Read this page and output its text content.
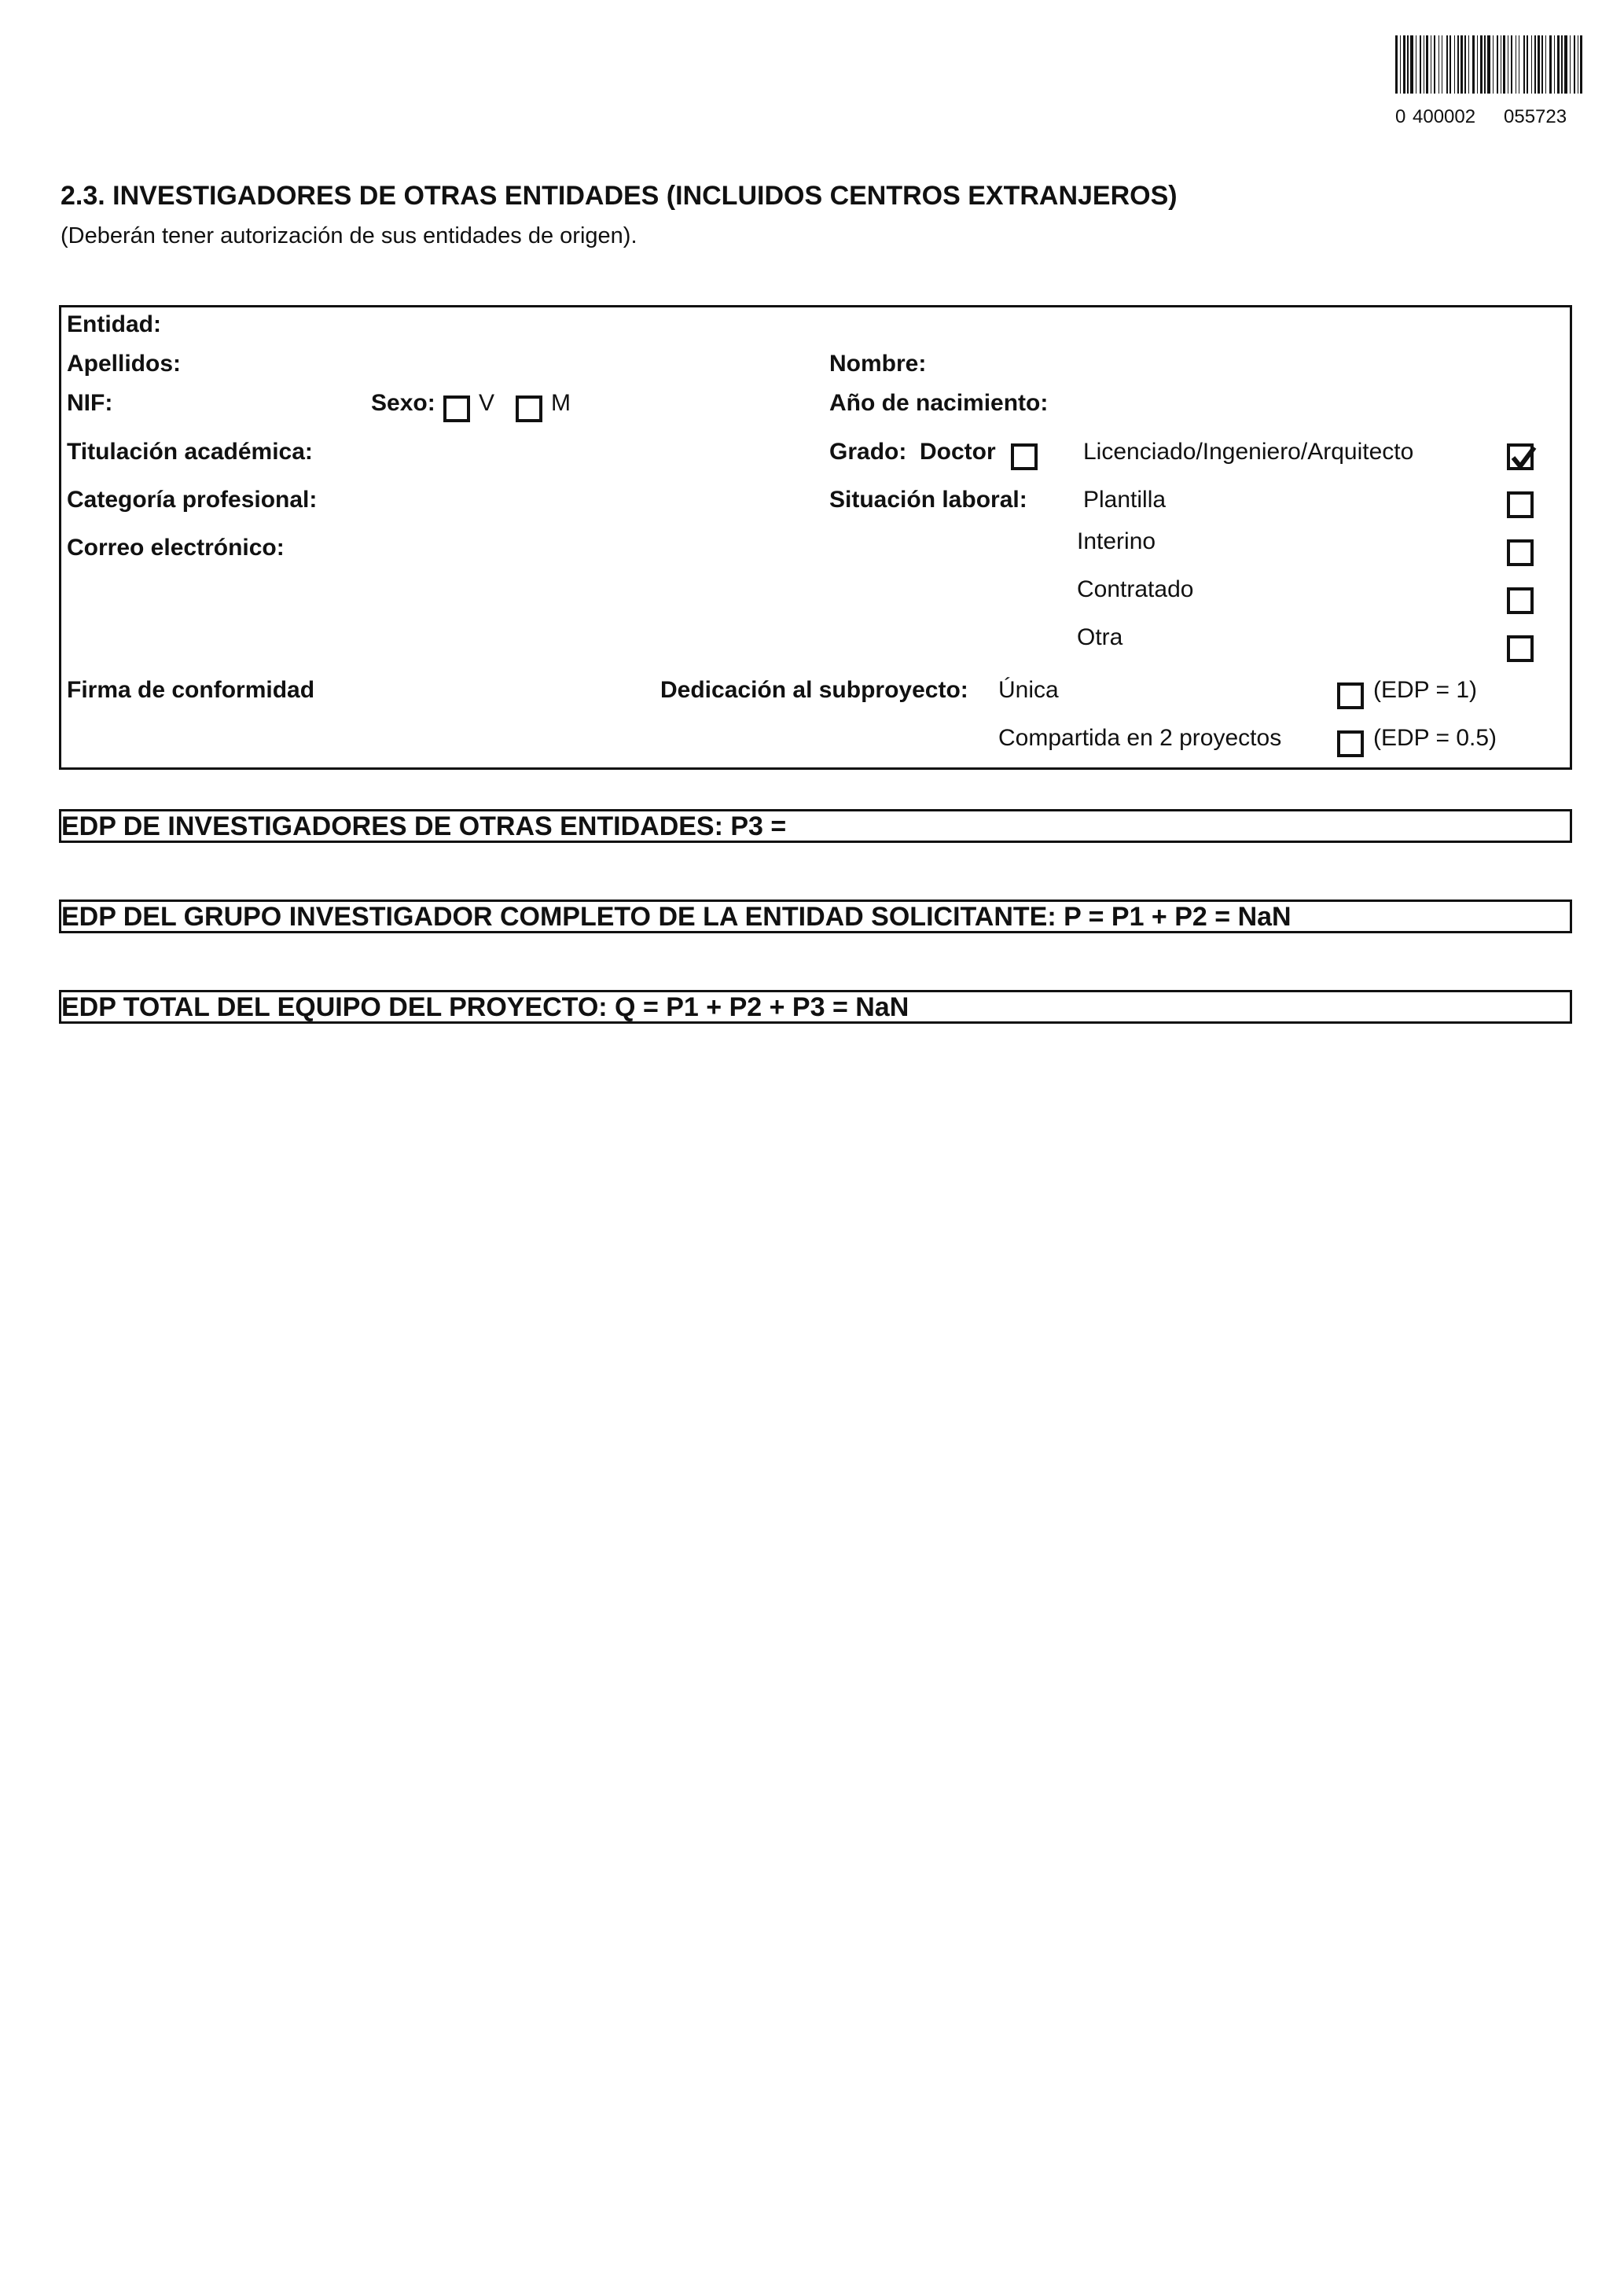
0 400002 055723
2.3. INVESTIGADORES DE OTRAS ENTIDADES (INCLUIDOS CENTROS EXTRANJEROS)
(Deberán tener autorización de sus entidades de origen).
Entidad:
Apellidos:	Nombre:
NIF:	Sexo: V M	Año de nacimiento:
Titulación académica:	Grado: Doctor	Licenciado/Ingeniero/Arquitecto
Categoría profesional:	Situación laboral: Plantilla
Correo electrónico:	Interino
Contratado
Otra
Firma de conformidad	Dedicación al subproyecto: Única	(EDP = 1)
Compartida en 2 proyectos	(EDP = 0.5)
EDP DE INVESTIGADORES DE OTRAS ENTIDADES: P3 =
EDP DEL GRUPO INVESTIGADOR COMPLETO DE LA ENTIDAD SOLICITANTE: P = P1 + P2 = NaN
EDP TOTAL DEL EQUIPO DEL PROYECTO: Q = P1 + P2 + P3 = NaN
